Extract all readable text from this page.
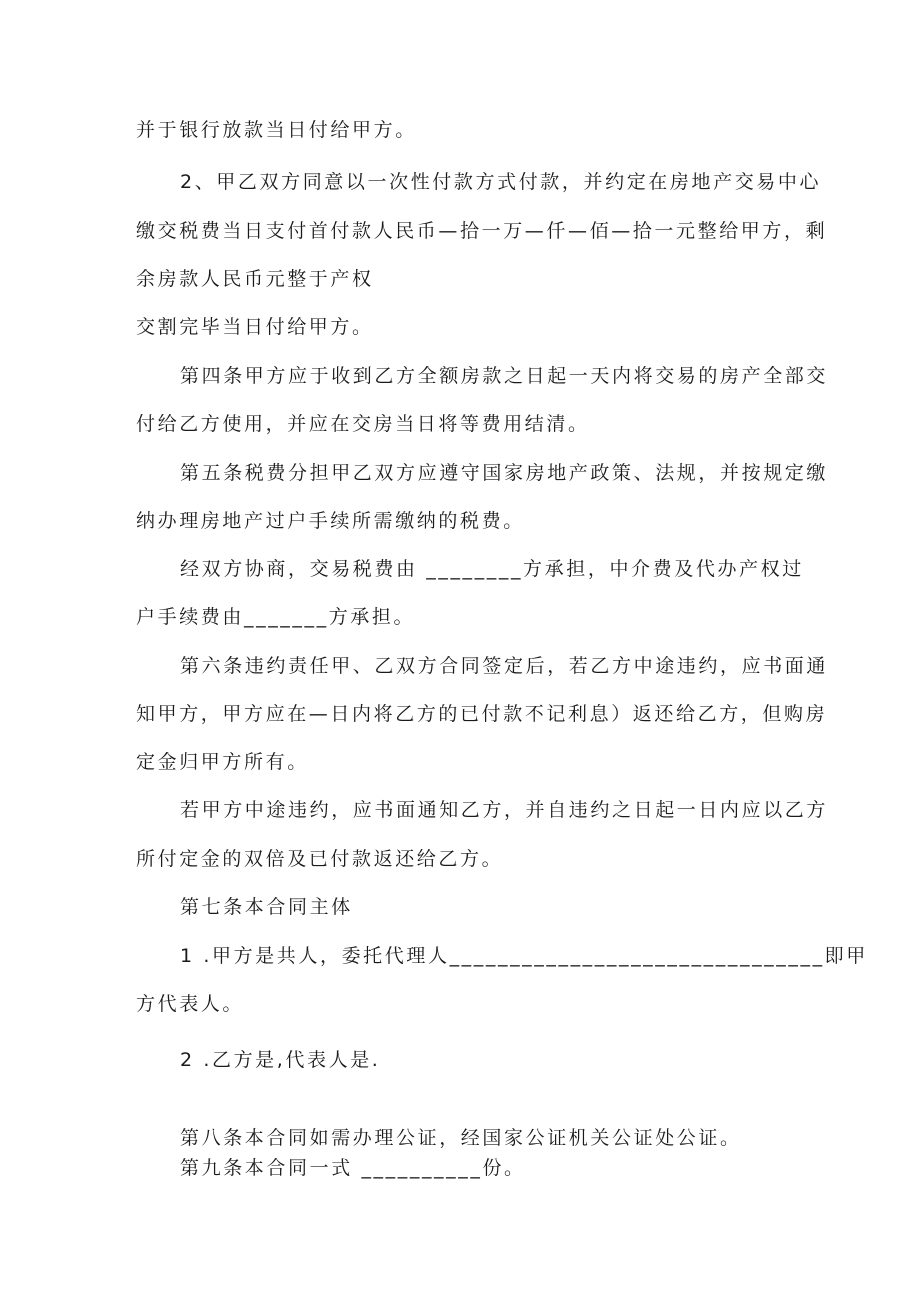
并于银行放款当日付给甲方。
2、甲乙双方同意以一次性付款方式付款，并约定在房地产交易中心
缴交税费当日支付首付款人民币—拾一万—仟—佰—拾一元整给甲方，剩
余房款人民币元整于产权
交割完毕当日付给甲方。
第四条甲方应于收到乙方全额房款之日起一天内将交易的房产全部交
付给乙方使用，并应在交房当日将等费用结清。
第五条税费分担甲乙双方应遵守国家房地产政策、法规，并按规定缴
纳办理房地产过户手续所需缴纳的税费。
经双方协商，交易税费由 ________方承担，中介费及代办产权过
户手续费由_______方承担。
第六条违约责任甲、乙双方合同签定后，若乙方中途违约，应书面通
知甲方，甲方应在—日内将乙方的已付款不记利息）返还给乙方，但购房
定金归甲方所有。
若甲方中途违约，应书面通知乙方，并自违约之日起一日内应以乙方
所付定金的双倍及已付款返还给乙方。
第七条本合同主体
1 .甲方是共人，委托代理人_______________________________即甲
方代表人。
2 .乙方是,代表人是.
第八条本合同如需办理公证，经国家公证机关公证处公证。
第九条本合同一式 __________份。
